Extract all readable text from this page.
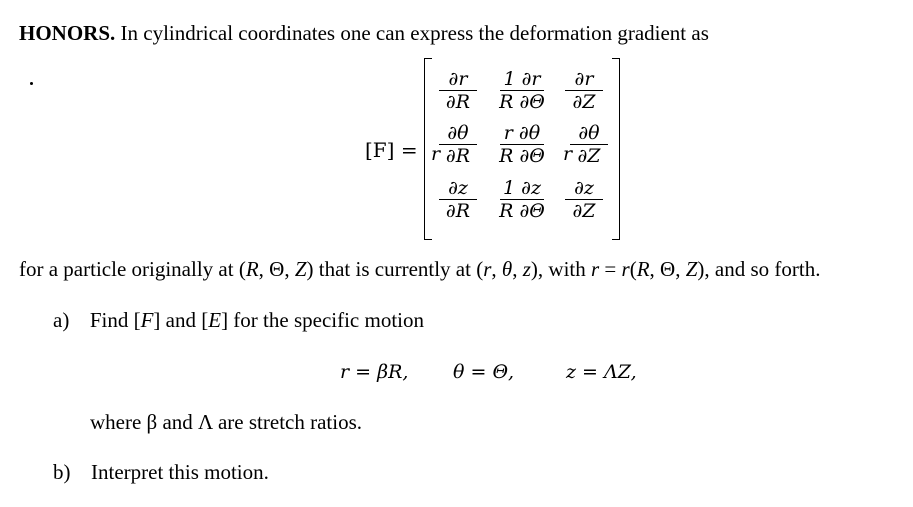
HONORS. In cylindrical coordinates one can express the deformation gradient as
[F] =
∂r
∂R
1 ∂r
R ∂Θ
∂r
∂Z
r
∂θ
∂R
r ∂θ
R ∂Θ r
∂θ
∂Z
∂z
∂R
1 ∂z
R ∂Θ
∂z
∂Z
for a particle originally at (R, Θ, Z) that is currently at (r, θ, z), with r = r(R, Θ, Z), and so forth.
a) Find [F] and [E] for the specific motion
r = βR, θ = Θ,	z = ΛZ,
where β and Λ are stretch ratios.
b) Interpret this motion.
